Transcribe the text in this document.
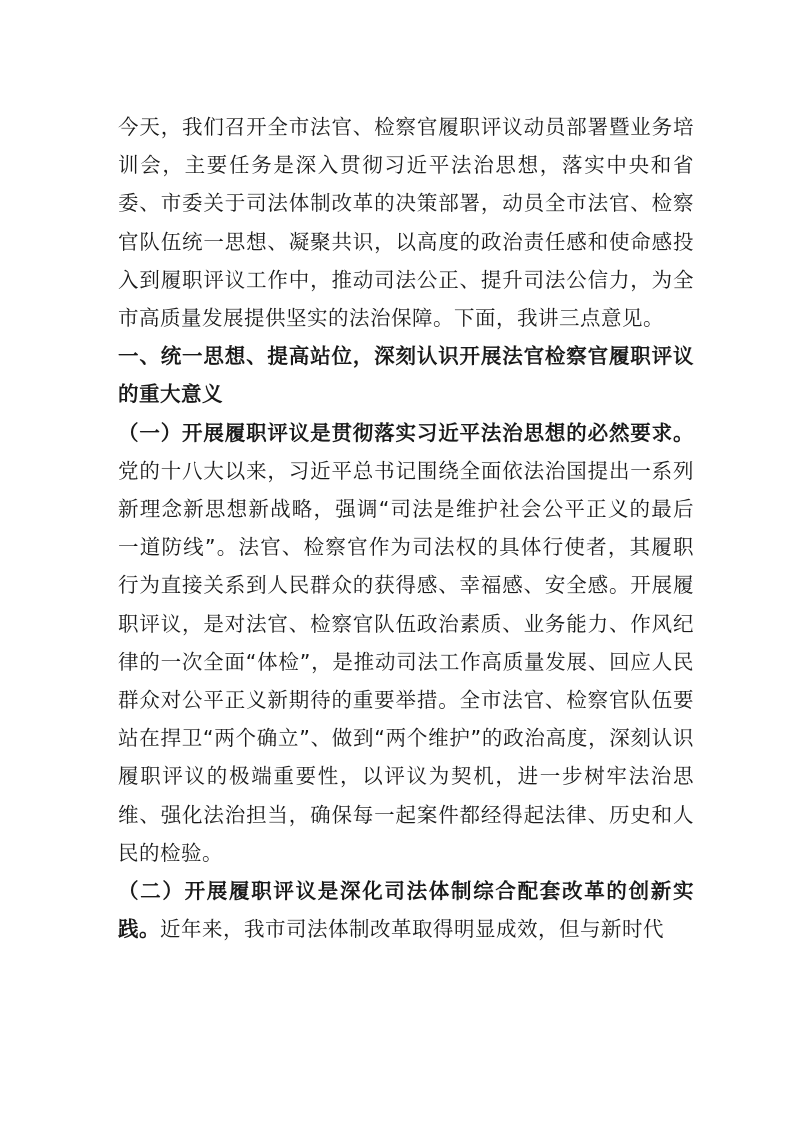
今天，我们召开全市法官、检察官履职评议动员部署暨业务培训会，主要任务是深入贯彻习近平法治思想，落实中央和省委、市委关于司法体制改革的决策部署，动员全市法官、检察官队伍统一思想、凝聚共识，以高度的政治责任感和使命感投入到履职评议工作中，推动司法公正、提升司法公信力，为全市高质量发展提供坚实的法治保障。下面，我讲三点意见。

一、统一思想、提高站位，深刻认识开展法官检察官履职评议的重大意义

（一）开展履职评议是贯彻落实习近平法治思想的必然要求。党的十八大以来，习近平总书记围绕全面依法治国提出一系列新理念新思想新战略，强调“司法是维护社会公平正义的最后一道防线”。法官、检察官作为司法权的具体行使者，其履职行为直接关系到人民群众的获得感、幸福感、安全感。开展履职评议，是对法官、检察官队伍政治素质、业务能力、作风纪律的一次全面“体检”，是推动司法工作高质量发展、回应人民群众对公平正义新期待的重要举措。全市法官、检察官队伍要站在捍卫“两个确立”、做到“两个维护”的政治高度，深刻认识履职评议的极端重要性，以评议为契机，进一步树牢法治思维、强化法治担当，确保每一起案件都经得起法律、历史和人民的检验。

（二）开展履职评议是深化司法体制综合配套改革的创新实践。近年来，我市司法体制改革取得明显成效，但与新时代
